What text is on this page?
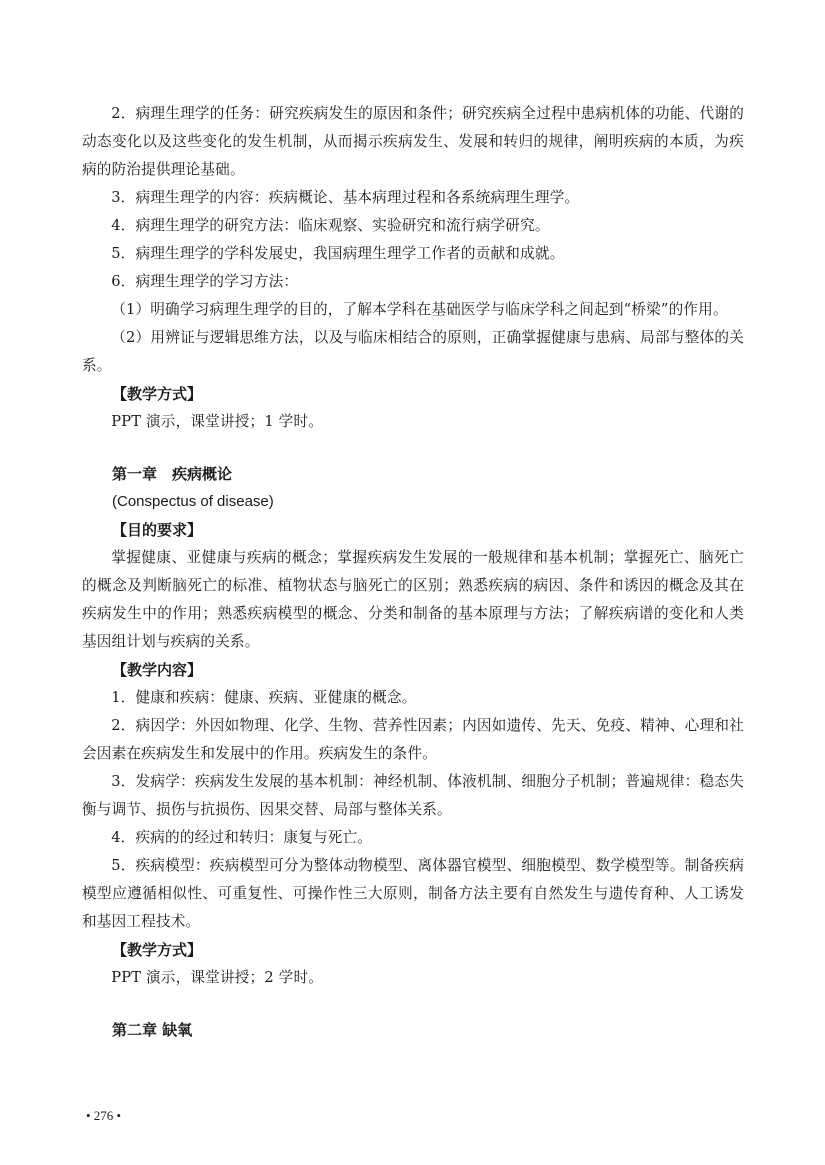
2．病理生理学的任务：研究疾病发生的原因和条件；研究疾病全过程中患病机体的功能、代谢的动态变化以及这些变化的发生机制，从而揭示疾病发生、发展和转归的规律，阐明疾病的本质，为疾病的防治提供理论基础。

3．病理生理学的内容：疾病概论、基本病理过程和各系统病理生理学。

4．病理生理学的研究方法：临床观察、实验研究和流行病学研究。

5．病理生理学的学科发展史，我国病理生理学工作者的贡献和成就。

6．病理生理学的学习方法：

（1）明确学习病理生理学的目的，了解本学科在基础医学与临床学科之间起到“桥梁”的作用。

（2）用辨证与逻辑思维方法，以及与临床相结合的原则，正确掌握健康与患病、局部与整体的关系。

【教学方式】

PPT 演示，课堂讲授；1 学时。

第一章　疾病概论

(Conspectus of disease)

【目的要求】

掌握健康、亚健康与疾病的概念；掌握疾病发生发展的一般规律和基本机制；掌握死亡、脑死亡的概念及判断脑死亡的标准、植物状态与脑死亡的区别；熟悉疾病的病因、条件和诱因的概念及其在疾病发生中的作用；熟悉疾病模型的概念、分类和制备的基本原理与方法；了解疾病谱的变化和人类基因组计划与疾病的关系。

【教学内容】

1．健康和疾病：健康、疾病、亚健康的概念。

2．病因学：外因如物理、化学、生物、营养性因素；内因如遗传、先天、免疫、精神、心理和社会因素在疾病发生和发展中的作用。疾病发生的条件。

3．发病学：疾病发生发展的基本机制：神经机制、体液机制、细胞分子机制；普遍规律：稳态失衡与调节、损伤与抗损伤、因果交替、局部与整体关系。

4．疾病的的经过和转归：康复与死亡。

5．疾病模型：疾病模型可分为整体动物模型、离体器官模型、细胞模型、数学模型等。制备疾病模型应遵循相似性、可重复性、可操作性三大原则，制备方法主要有自然发生与遗传育种、人工诱发和基因工程技术。

【教学方式】

PPT 演示，课堂讲授；2 学时。

第二章 缺氧

• 276 •
